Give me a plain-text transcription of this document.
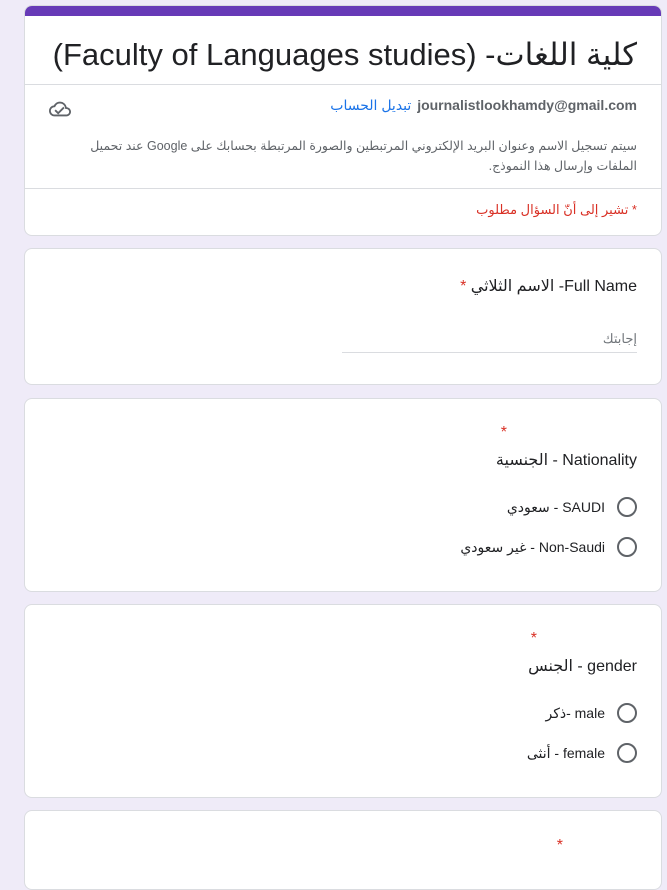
كلية اللغات- (Faculty of Languages studies)
تبديل الحساب journalistlookhamdy@gmail.com
سيتم تسجيل الاسم وعنوان البريد الإلكتروني المرتبطين والصورة المرتبطة بحسابك على Google عند تحميل الملفات وإرسال هذا النموذج.
* تشير إلى أنّ السؤال مطلوب
* الاسم الثلاثي -Full Name
إجابتك
*
الجنسية - Nationality
سعودي - SAUDI
غير سعودي - Non-Saudi
*
الجنس - gender
ذكر- male
أنثى - female
*
